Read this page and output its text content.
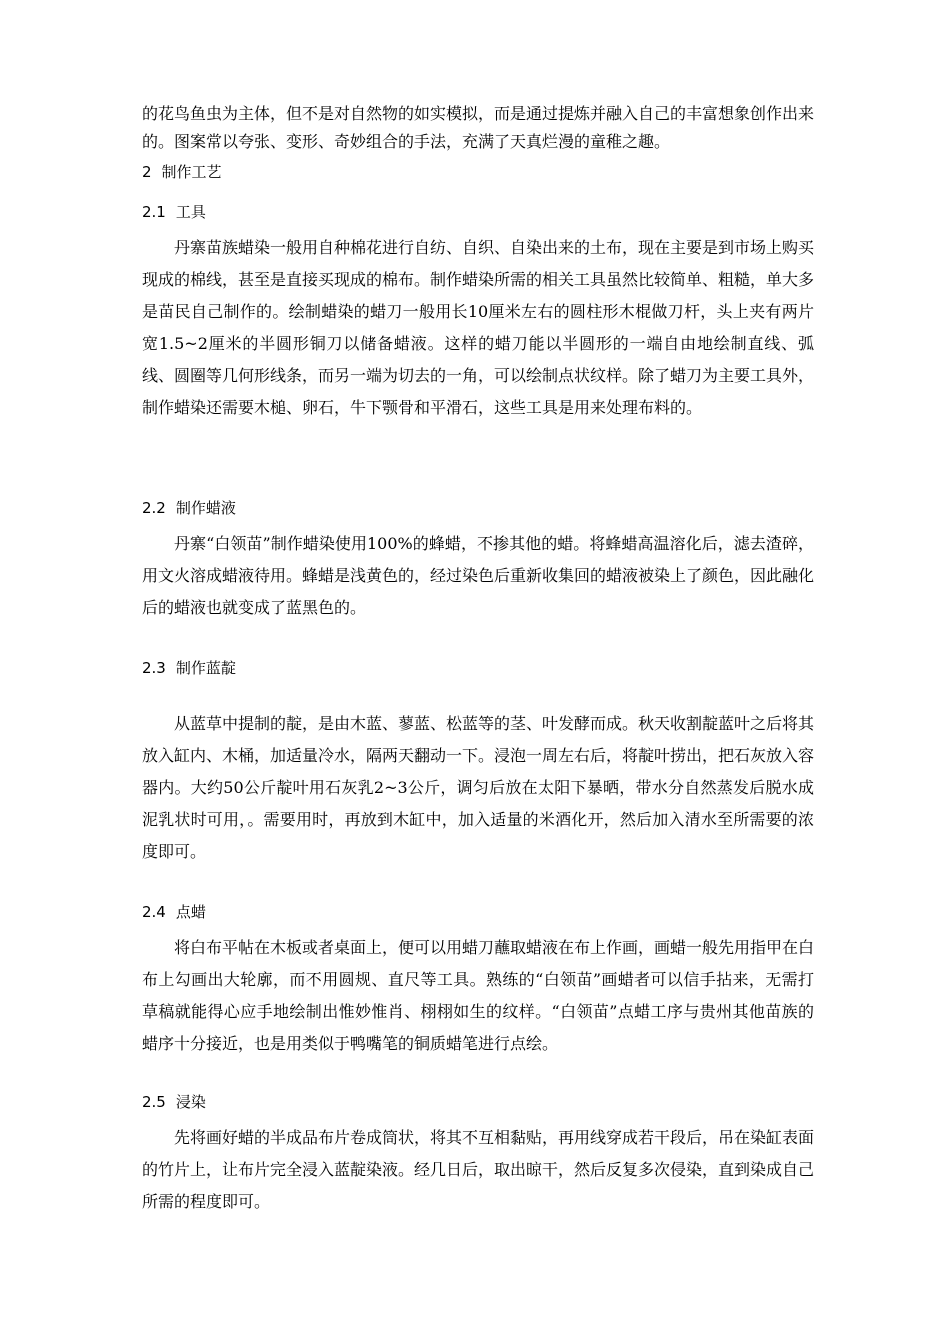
的花鸟鱼虫为主体，但不是对自然物的如实模拟，而是通过提炼并融入自己的丰富想象创作出来的。图案常以夸张、变形、奇妙组合的手法，充满了天真烂漫的童稚之趣。

2 制作工艺
2.1 工具

丹寨苗族蜡染一般用自种棉花进行自纺、自织、自染出来的土布，现在主要是到市场上购买现成的棉线，甚至是直接买现成的棉布。制作蜡染所需的相关工具虽然比较简单、粗糙，单大多是苗民自己制作的。绘制蜡染的蜡刀一般用长10厘米左右的圆柱形木棍做刀杆，头上夹有两片宽1.5~2厘米的半圆形铜刀以储备蜡液。这样的蜡刀能以半圆形的一端自由地绘制直线、弧线、圆圈等几何形线条，而另一端为切去的一角，可以绘制点状纹样。除了蜡刀为主要工具外，制作蜡染还需要木槌、卵石，牛下颚骨和平滑石，这些工具是用来处理布料的。

2.2 制作蜡液

丹寨“白领苗”制作蜡染使用100%的蜂蜡，不掺其他的蜡。将蜂蜡高温溶化后，滤去渣碎，用文火溶成蜡液待用。蜂蜡是浅黄色的，经过染色后重新收集回的蜡液被染上了颜色，因此融化后的蜡液也就变成了蓝黑色的。

2.3 制作蓝靛

从蓝草中提制的靛，是由木蓝、蓼蓝、松蓝等的茎、叶发酵而成。秋天收割靛蓝叶之后将其放入缸内、木桶，加适量冷水，隔两天翻动一下。浸泡一周左右后，将靛叶捞出，把石灰放入容器内。大约50公斤靛叶用石灰乳2~3公斤，调匀后放在太阳下暴晒，带水分自然蒸发后脱水成泥乳状时可用，。需要用时，再放到木缸中，加入适量的米酒化开，然后加入清水至所需要的浓度即可。

2.4 点蜡

将白布平帖在木板或者桌面上，便可以用蜡刀蘸取蜡液在布上作画，画蜡一般先用指甲在白布上勾画出大轮廓，而不用圆规、直尺等工具。熟练的“白领苗”画蜡者可以信手拈来，无需打草稿就能得心应手地绘制出惟妙惟肖、栩栩如生的纹样。“白领苗”点蜡工序与贵州其他苗族的蜡序十分接近，也是用类似于鸭嘴笔的铜质蜡笔进行点绘。

2.5 浸染

先将画好蜡的半成品布片卷成筒状，将其不互相黏贴，再用线穿成若干段后，吊在染缸表面的竹片上，让布片完全浸入蓝靛染液。经几日后，取出晾干，然后反复多次侵染，直到染成自己所需的程度即可。
